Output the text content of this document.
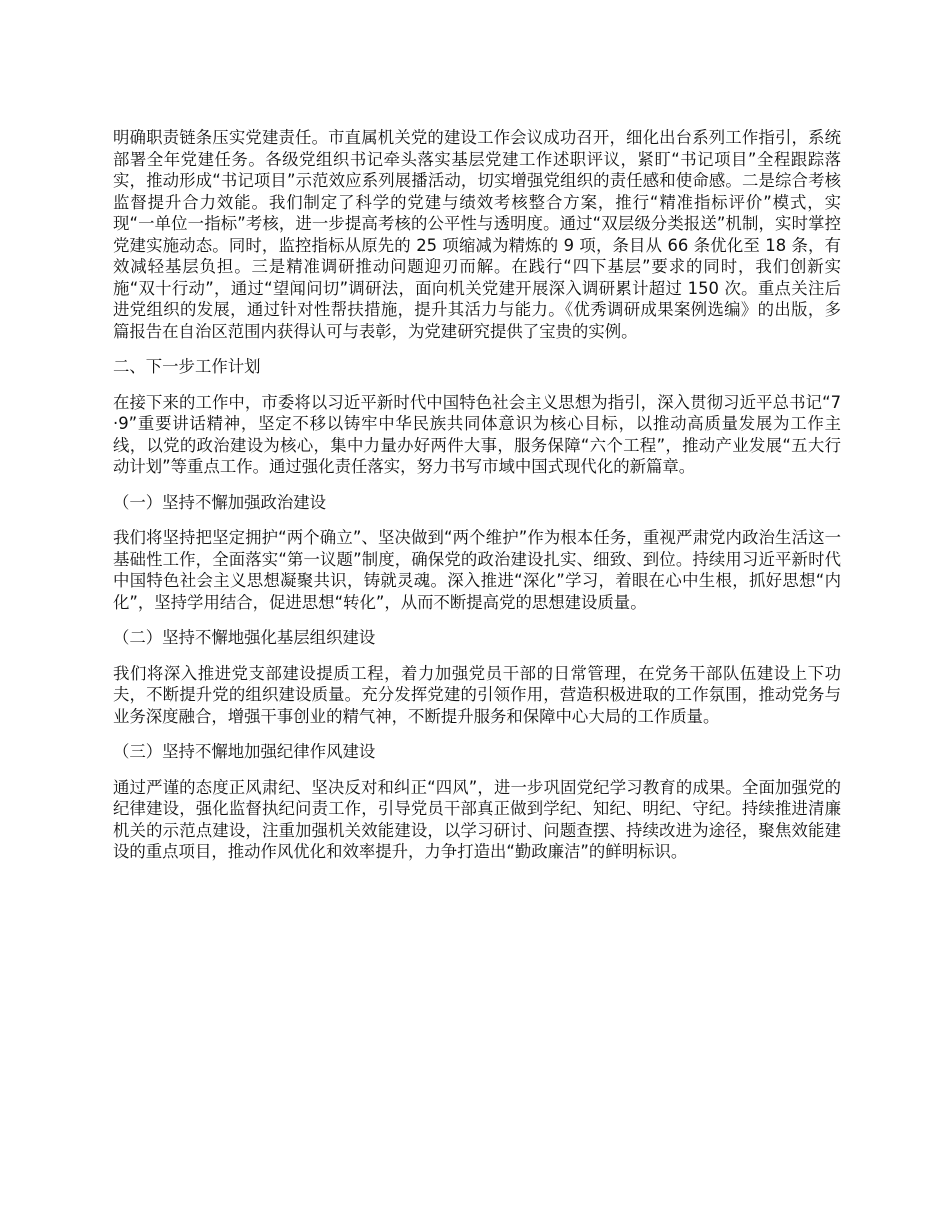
明确职责链条压实党建责任。市直属机关党的建设工作会议成功召开，细化出台系列工作指引，系统部署全年党建任务。各级党组织书记牵头落实基层党建工作述职评议，紧盯“书记项目”全程跟踪落实，推动形成“书记项目”示范效应系列展播活动，切实增强党组织的责任感和使命感。二是综合考核监督提升合力效能。我们制定了科学的党建与绩效考核整合方案，推行“精准指标评价”模式，实现“一单位一指标”考核，进一步提高考核的公平性与透明度。通过“双层级分类报送”机制，实时掌控党建实施动态。同时，监控指标从原先的 25 项缩减为精炼的 9 项，条目从 66 条优化至 18 条，有效减轻基层负担。三是精准调研推动问题迎刃而解。在践行“四下基层”要求的同时，我们创新实施“双十行动”，通过“望闻问切”调研法，面向机关党建开展深入调研累计超过 150 次。重点关注后进党组织的发展，通过针对性帮扶措施，提升其活力与能力。《优秀调研成果案例选编》的出版，多篇报告在自治区范围内获得认可与表彰，为党建研究提供了宝贵的实例。

二、下一步工作计划

在接下来的工作中，市委将以习近平新时代中国特色社会主义思想为指引，深入贯彻习近平总书记“7·9”重要讲话精神，坚定不移以铸牢中华民族共同体意识为核心目标，以推动高质量发展为工作主线，以党的政治建设为核心，集中力量办好两件大事，服务保障“六个工程”，推动产业发展“五大行动计划”等重点工作。通过强化责任落实，努力书写市域中国式现代化的新篇章。

（一）坚持不懈加强政治建设

我们将坚持把坚定拥护“两个确立”、坚决做到“两个维护”作为根本任务，重视严肃党内政治生活这一基础性工作，全面落实“第一议题”制度，确保党的政治建设扎实、细致、到位。持续用习近平新时代中国特色社会主义思想凝聚共识，铸就灵魂。深入推进“深化”学习，着眼在心中生根，抓好思想“内化”，坚持学用结合，促进思想“转化”，从而不断提高党的思想建设质量。

（二）坚持不懈地强化基层组织建设

我们将深入推进党支部建设提质工程，着力加强党员干部的日常管理，在党务干部队伍建设上下功夫，不断提升党的组织建设质量。充分发挥党建的引领作用，营造积极进取的工作氛围，推动党务与业务深度融合，增强干事创业的精气神，不断提升服务和保障中心大局的工作质量。

（三）坚持不懈地加强纪律作风建设

通过严谨的态度正风肃纪、坚决反对和纠正“四风”，进一步巩固党纪学习教育的成果。全面加强党的纪律建设，强化监督执纪问责工作，引导党员干部真正做到学纪、知纪、明纪、守纪。持续推进清廉机关的示范点建设，注重加强机关效能建设，以学习研讨、问题查摆、持续改进为途径，聚焦效能建设的重点项目，推动作风优化和效率提升，力争打造出“勤政廉洁”的鲜明标识。
